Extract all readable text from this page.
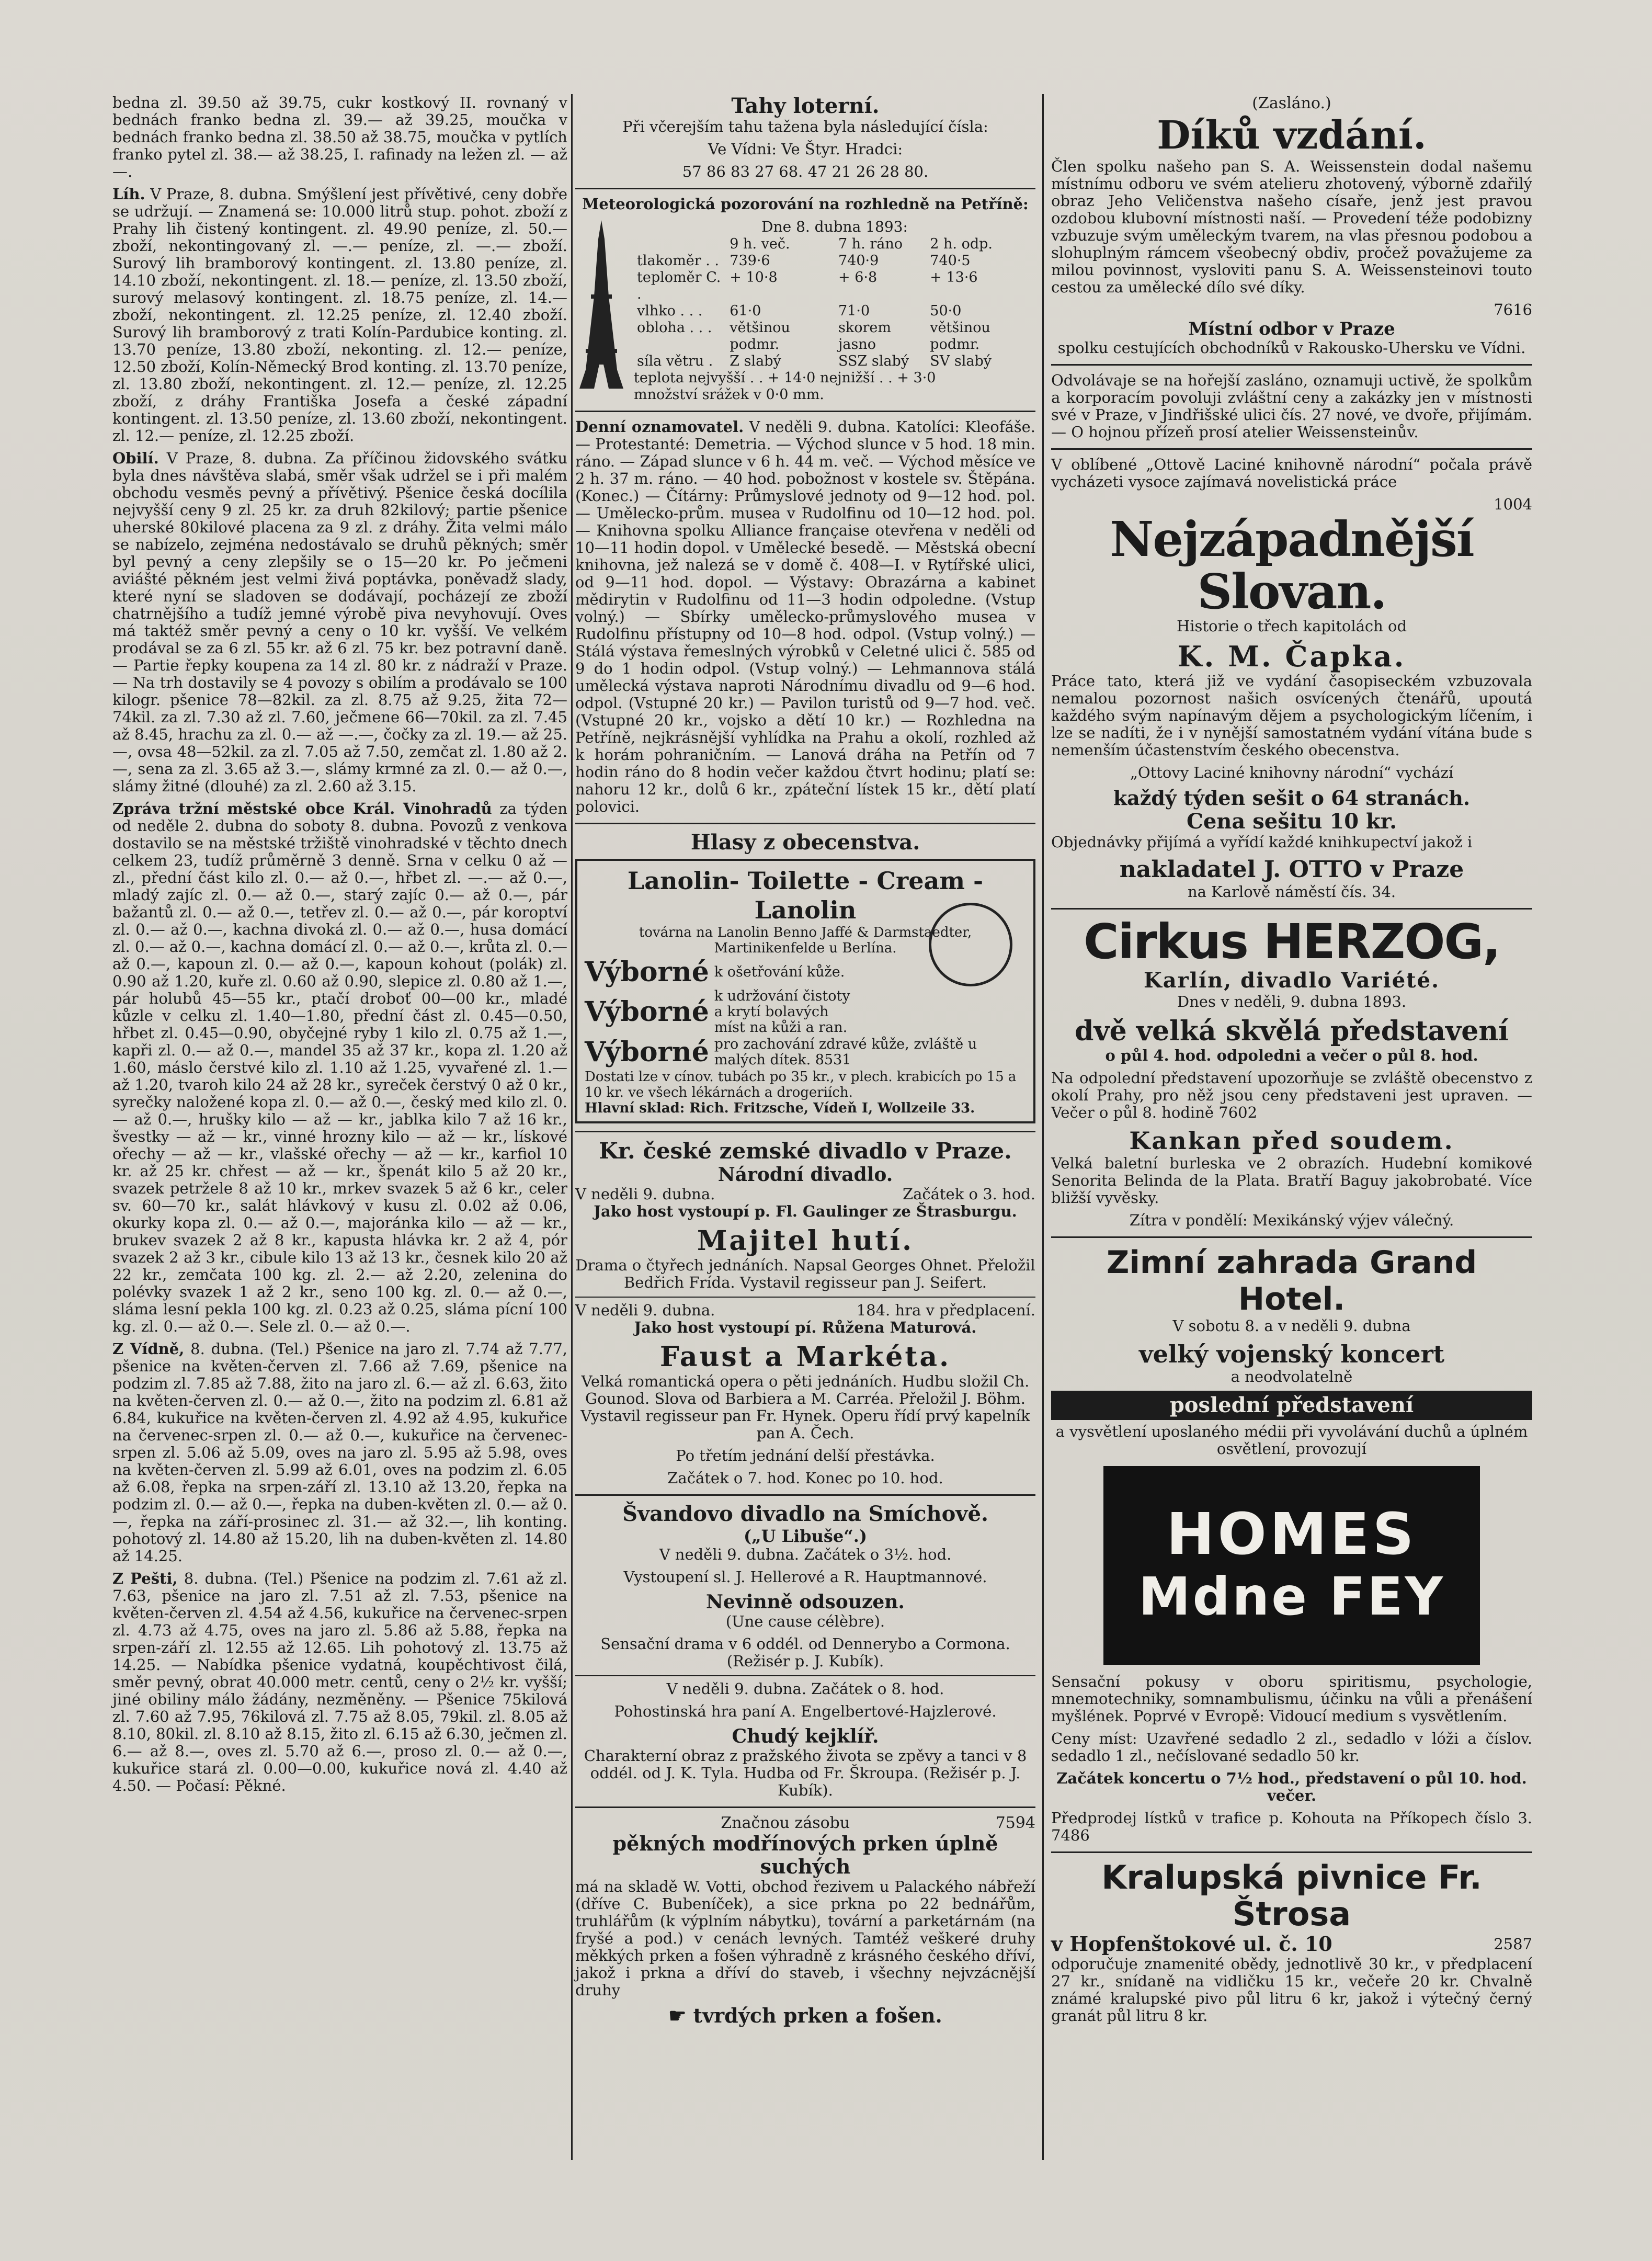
bedna zl. 39.50 až 39.75, cukr kostkový II. rovnaný v bednách franko bedna zl. 39.— až 39.25, moučka v bednách franko bedna zl. 38.50 až 38.75, moučka v pytlích franko pytel zl. 38.— až 38.25, I. rafinady na ležen zl. — až —.

Líh. V Praze, 8. dubna. Smýšlení jest přívětivé, ceny dobře se udržují. — Znamená se: 10.000 litrů stup. pohot. zboží z Prahy lih čistený kontingent. zl. 49.90 peníze, zl. 50.— zboží, nekontingovaný zl. —.— peníze, zl. —.— zboží. Surový lih bramborový kontingent. zl. 13.80 peníze, zl. 14.10 zboží, nekontingent. zl. 18.— peníze, zl. 13.50 zboží, surový melasový kontingent. zl. 18.75 peníze, zl. 14.— zboží, nekontingent. zl. 12.25 peníze, zl. 12.40 zboží. Surový lih bramborový z trati Kolín-Pardubice konting. zl. 13.70 peníze, 13.80 zboží, nekonting. zl. 12.— peníze, 12.50 zboží, Kolín-Německý Brod konting. zl. 13.70 peníze, zl. 13.80 zboží, nekontingent. zl. 12.— peníze, zl. 12.25 zboží, z dráhy Františka Josefa a české západní kontingent. zl. 13.50 peníze, zl. 13.60 zboží, nekontingent. zl. 12.— peníze, zl. 12.25 zboží.

Obilí. V Praze, 8. dubna. Za příčinou židovského svátku byla dnes návštěva slabá, směr však udržel se i při malém obchodu vesměs pevný a přívětivý. Pšenice česká docílila nejvyšší ceny 9 zl. 25 kr. za druh 82kilový; partie pšenice uherské 80kilové placena za 9 zl. z dráhy. Žita velmi málo se nabízelo, zejména nedostávalo se druhů pěkných; směr byl pevný a ceny zlepšily se o 15—20 kr. Po ječmeni aviášté pěkném jest velmi živá poptávka, poněvadž slady, které nyní se sladoven se dodávají, pocházejí ze zboží chatrnějšího a tudíž jemné výrobě piva nevyhovují. Oves má taktéž směr pevný a ceny o 10 kr. vyšší. Ve velkém prodával se za 6 zl. 55 kr. až 6 zl. 75 kr. bez potravní daně. — Partie řepky koupena za 14 zl. 80 kr. z nádraží v Praze. — Na trh dostavily se 4 povozy s obilím a prodávalo se 100 kilogr. pšenice 78—82kil. za zl. 8.75 až 9.25, žita 72—74kil. za zl. 7.30 až zl. 7.60, ječmene 66—70kil. za zl. 7.45 až 8.45, hrachu za zl. 0.— až —.—, čočky za zl. 19.— až 25.—, ovsa 48—52kil. za zl. 7.05 až 7.50, zemčat zl. 1.80 až 2.—, sena za zl. 3.65 až 3.—, slámy krmné za zl. 0.— až 0.—, slámy žitné (dlouhé) za zl. 2.60 až 3.15.

Zpráva tržní městské obce Král. Vinohradů za týden od neděle 2. dubna do soboty 8. dubna. Povozů z venkova dostavilo se na městské tržiště vinohradské v těchto dnech celkem 23, tudíž průměrně 3 denně. Srna v celku 0 až — zl., přední část kilo zl. 0.— až 0.—, hřbet zl. —.— až 0.—, mladý zajíc zl. 0.— až 0.—, starý zajíc 0.— až 0.—, pár bažantů zl. 0.— až 0.—, tetřev zl. 0.— až 0.—, pár koroptví zl. 0.— až 0.—, kachna divoká zl. 0.— až 0.—, husa domácí zl. 0.— až 0.—, kachna domácí zl. 0.— až 0.—, krůta zl. 0.— až 0.—, kapoun zl. 0.— až 0.—, kapoun kohout (polák) zl. 0.90 až 1.20, kuře zl. 0.60 až 0.90, slepice zl. 0.80 až 1.—, pár holubů 45—55 kr., ptačí droboť 00—00 kr., mladé kůzle v celku zl. 1.40—1.80, přední část zl. 0.45—0.50, hřbet zl. 0.45—0.90, obyčejné ryby 1 kilo zl. 0.75 až 1.—, kapři zl. 0.— až 0.—, mandel 35 až 37 kr., kopa zl. 1.20 až 1.60, máslo čerstvé kilo zl. 1.10 až 1.25, vyvařené zl. 1.— až 1.20, tvaroh kilo 24 až 28 kr., syreček čerstvý 0 až 0 kr., syrečky naložené kopa zl. 0.— až 0.—, český med kilo zl. 0.— až 0.—, hrušky kilo — až — kr., jablka kilo 7 až 16 kr., švestky — až — kr., vinné hrozny kilo — až — kr., lískové ořechy — až — kr., vlašské ořechy — až — kr., karfiol 10 kr. až 25 kr. chřest — až — kr., špenát kilo 5 až 20 kr., svazek petržele 8 až 10 kr., mrkev svazek 5 až 6 kr., celer sv. 60—70 kr., salát hlávkový v kusu zl. 0.02 až 0.06, okurky kopa zl. 0.— až 0.—, majoránka kilo — až — kr., brukev svazek 2 až 8 kr., kapusta hlávka kr. 2 až 4, pór svazek 2 až 3 kr., cibule kilo 13 až 13 kr., česnek kilo 20 až 22 kr., zemčata 100 kg. zl. 2.— až 2.20, zelenina do polévky svazek 1 až 2 kr., seno 100 kg. zl. 0.— až 0.—, sláma lesní pekla 100 kg. zl. 0.23 až 0.25, sláma pícní 100 kg. zl. 0.— až 0.—. Sele zl. 0.— až 0.—.

Z Vídně, 8. dubna. (Tel.) Pšenice na jaro zl. 7.74 až 7.77, pšenice na květen-červen zl. 7.66 až 7.69, pšenice na podzim zl. 7.85 až 7.88, žito na jaro zl. 6.— až zl. 6.63, žito na květen-červen zl. 0.— až 0.—, žito na podzim zl. 6.81 až 6.84, kukuřice na květen-červen zl. 4.92 až 4.95, kukuřice na červenec-srpen zl. 0.— až 0.—, kukuřice na červenec-srpen zl. 5.06 až 5.09, oves na jaro zl. 5.95 až 5.98, oves na květen-červen zl. 5.99 až 6.01, oves na podzim zl. 6.05 až 6.08, řepka na srpen-září zl. 13.10 až 13.20, řepka na podzim zl. 0.— až 0.—, řepka na duben-květen zl. 0.— až 0.—, řepka na září-prosinec zl. 31.— až 32.—, lih konting. pohotový zl. 14.80 až 15.20, lih na duben-květen zl. 14.80 až 14.25.

Z Pešti, 8. dubna. (Tel.) Pšenice na podzim zl. 7.61 až zl. 7.63, pšenice na jaro zl. 7.51 až zl. 7.53, pšenice na květen-červen zl. 4.54 až 4.56, kukuřice na červenec-srpen zl. 4.73 až 4.75, oves na jaro zl. 5.86 až 5.88, řepka na srpen-září zl. 12.55 až 12.65. Lih pohotový zl. 13.75 až 14.25. — Nabídka pšenice vydatná, koupěchtivost čilá, směr pevný, obrat 40.000 metr. centů, ceny o 2½ kr. vyšší; jiné obiliny málo žádány, nezměněny. — Pšenice 75kilová zl. 7.60 až 7.95, 76kilová zl. 7.75 až 8.05, 79kil. zl. 8.05 až 8.10, 80kil. zl. 8.10 až 8.15, žito zl. 6.15 až 6.30, ječmen zl. 6.— až 8.—, oves zl. 5.70 až 6.—, proso zl. 0.— až 0.—, kukuřice stará zl. 0.00—0.00, kukuřice nová zl. 4.40 až 4.50. — Počasí: Pěkné.

Tahy loterní.

Při včerejším tahu tažena byla následující čísla:

Ve Vídni: Ve Štyr. Hradci:

57 86 83 27 68. 47 21 26 28 80.

Meteorologická pozorování na rozhledně na Petříně:

Dne 8. dubna 1893:
	9 h. več.	7 h. ráno	2 h. odp.
tlakoměr . .	739·6	740·9	740·5
teploměr C. .	+ 10·8	+ 6·8	+ 13·6
vlhko . . .	61·0	71·0	50·0
obloha . . .	většinou podmr.	skorem jasno	většinou podmr.
síla větru .	Z slabý	SSZ slabý	SV slabý
teplota nejvyšší . . + 14·0 nejnižší . . + 3·0
množství srážek v 0·0 mm.

Denní oznamovatel. V neděli 9. dubna. Katolíci: Kleofáše. — Protestanté: Demetria. — Východ slunce v 5 hod. 18 min. ráno. — Západ slunce v 6 h. 44 m. več. — Východ měsíce ve 2 h. 37 m. ráno. — 40 hod. pobožnost v kostele sv. Štěpána. (Konec.) — Čítárny: Průmyslové jednoty od 9—12 hod. pol. — Umělecko-prům. musea v Rudolfinu od 10—12 hod. pol. — Knihovna spolku Alliance française otevřena v neděli od 10—11 hodin dopol. v Umělecké besedě. — Městská obecní knihovna, jež nalezá se v domě č. 408—I. v Rytířské ulici, od 9—11 hod. dopol. — Výstavy: Obrazárna a kabinet mědirytin v Rudolfinu od 11—3 hodin odpoledne. (Vstup volný.) — Sbírky umělecko-průmyslového musea v Rudolfinu přístupny od 10—8 hod. odpol. (Vstup volný.) — Stálá výstava řemeslných výrobků v Celetné ulici č. 585 od 9 do 1 hodin odpol. (Vstup volný.) — Lehmannova stálá umělecká výstava naproti Národnímu divadlu od 9—6 hod. odpol. (Vstupné 20 kr.) — Pavilon turistů od 9—7 hod. več. (Vstupné 20 kr., vojsko a dětí 10 kr.) — Rozhledna na Petříně, nejkrásnější vyhlídka na Prahu a okolí, rozhled až k horám pohraničním. — Lanová dráha na Petřín od 7 hodin ráno do 8 hodin večer každou čtvrt hodinu; platí se: nahoru 12 kr., dolů 6 kr., zpáteční lístek 15 kr., dětí platí polovici.

Hlasy z obecenstva.
Lanolin- Toilette - Cream - Lanolin
továrna na Lanolin Benno Jaffé & Darmstaedter, Martinikenfelde u Berlína.
Výborné k ošetřování kůže.
Výborné k udržování čistoty a krytí bolavých míst na kůži a ran.
Výborné pro zachování zdravé kůže, zvláště u malých dítek. 8531
Dostati lze v cínov. tubách po 35 kr., v plech. krabicích po 15 a 10 kr. ve všech lékárnách a drogeriích.
Hlavní sklad: Rich. Fritzsche, Vídeň I, Wollzeile 33.
Kr. české zemské divadlo v Praze.
Národní divadlo.
V neděli 9. dubna.	Začátek o 3. hod.

Jako host vystoupí p. Fl. Gaulinger ze Štrasburgu.

Majitel hutí.

Drama o čtyřech jednáních. Napsal Georges Ohnet. Přeložil Bedřich Frída. Vystavil regisseur pan J. Seifert.

V neděli 9. dubna.	184. hra v předplacení.

Jako host vystoupí pí. Růžena Maturová.

Faust a Markéta.

Velká romantická opera o pěti jednáních. Hudbu složil Ch. Gounod. Slova od Barbiera a M. Carréa. Přeložil J. Böhm. Vystavil regisseur pan Fr. Hynek. Operu řídí prvý kapelník pan A. Čech.

Po třetím jednání delší přestávka.

Začátek o 7. hod. Konec po 10. hod.

Švandovo divadlo na Smíchově.
(„U Libuše“.)

V neděli 9. dubna. Začátek o 3½. hod.

Vystoupení sl. J. Hellerové a R. Hauptmannové.

Nevinně odsouzen.

(Une cause célèbre).

Sensační drama v 6 oddél. od Dennerybo a Cormona. (Režisér p. J. Kubík).

V neděli 9. dubna. Začátek o 8. hod.

Pohostinská hra paní A. Engelbertové-Hajzlerové.

Chudý kejklíř.

Charakterní obraz z pražského života se zpěvy a tanci v 8 oddél. od J. K. Tyla. Hudba od Fr. Škroupa. (Režisér p. J. Kubík).

Značnou zásobu	7594
pěkných modřínových prken úplně suchých

má na skladě W. Votti, obchod řezivem u Palackého nábřeží (dříve C. Bubeníček), a sice prkna po 22 bednářům, truhlářům (k výplním nábytku), tovární a parketárnám (na fryšé a pod.) v cenách levných. Tamtéž veškeré druhy měkkých prken a fošen výhradně z krásného českého dříví, jakož i prkna a dříví do staveb, i všechny nejvzácnější druhy

☛ tvrdých prken a fošen.
(Zasláno.)
Díků vzdání.

Člen spolku našeho pan S. A. Weissenstein dodal našemu místnímu odboru ve svém atelieru zhotovený, výborně zdařilý obraz Jeho Veličenstva našeho císaře, jenž jest pravou ozdobou klubovní místnosti naší. — Provedení téže podobizny vzbuzuje svým uměleckým tvarem, na vlas přesnou podobou a slohuplným rámcem všeobecný obdiv, pročež považujeme za milou povinnost, vysloviti panu S. A. Weissensteinovi touto cestou za umělecké dílo své díky.

7616
Místní odbor v Praze

spolku cestujících obchodníků v Rakousko-Uhersku ve Vídni.

Odvolávaje se na hořejší zasláno, oznamuji uctivě, že spolkům a korporacím povoluji zvláštní ceny a zakázky jen v místnosti své v Praze, v Jindřišské ulici čís. 27 nové, ve dvoře, přijímám. — O hojnou přízeň prosí atelier Weissensteinův.

V oblíbené „Ottově Laciné knihovně národní“ počala právě vycházeti vysoce zajímavá novelistická práce

1004
Nejzápadnější Slovan.

Historie o třech kapitolách od

K. M. Čapka.

Práce tato, která již ve vydání časopiseckém vzbuzovala nemalou pozornost našich osvícených čtenářů, upoutá každého svým napínavým dějem a psychologickým líčením, i lze se nadíti, že i v nynější samostatném vydání vítána bude s nemenším účastenstvím českého obecenstva.

„Ottovy Laciné knihovny národní“ vychází

každý týden sešit o 64 stranách.
Cena sešitu 10 kr.

Objednávky přijímá a vyřídí každé knihkupectví jakož i

nakladatel J. OTTO v Praze

na Karlově náměstí čís. 34.

Cirkus HERZOG,
Karlín, divadlo Variété.

Dnes v neděli, 9. dubna 1893.

dvě velká skvělá představení

o půl 4. hod. odpoledni a večer o půl 8. hod.

Na odpolední představení upozorňuje se zvláště obecenstvo z okolí Prahy, pro něž jsou ceny představeni jest upraven. — Večer o půl 8. hodině 7602

Kankan před soudem.

Velká baletní burleska ve 2 obrazích. Hudební komikové Senorita Belinda de la Plata. Bratří Baguy jakobrobaté. Více bližší vyvěsky.

Zítra v pondělí: Mexikánský výjev válečný.

Zimní zahrada Grand Hotel.

V sobotu 8. a v neděli 9. dubna

velký vojenský koncert

a neodvolatelně

poslední představení

a vysvětlení uposlaného médii při vyvolávání duchů a úplném osvětlení, provozují

HOMES
Mdne FEY

Sensační pokusy v oboru spiritismu, psychologie, mnemotechniky, somnambulismu, účinku na vůli a přenášení myšlének. Poprvé v Evropě: Vidoucí medium s vysvětlením.

Ceny míst: Uzavřené sedadlo 2 zl., sedadlo v lóži a číslov. sedadlo 1 zl., nečíslované sedadlo 50 kr.

Začátek koncertu o 7½ hod., představení o půl 10. hod. večer.

Předprodej lístků v trafice p. Kohouta na Příkopech číslo 3. 7486

Kralupská pivnice Fr. Štrosa
v Hopfenštokové ul. č. 10	2587

odporučuje znamenité obědy, jednotlivě 30 kr., v předplacení 27 kr., snídaně na vidličku 15 kr., večeře 20 kr. Chvalně známé kralupské pivo půl litru 6 kr, jakož i výtečný černý granát půl litru 8 kr.
